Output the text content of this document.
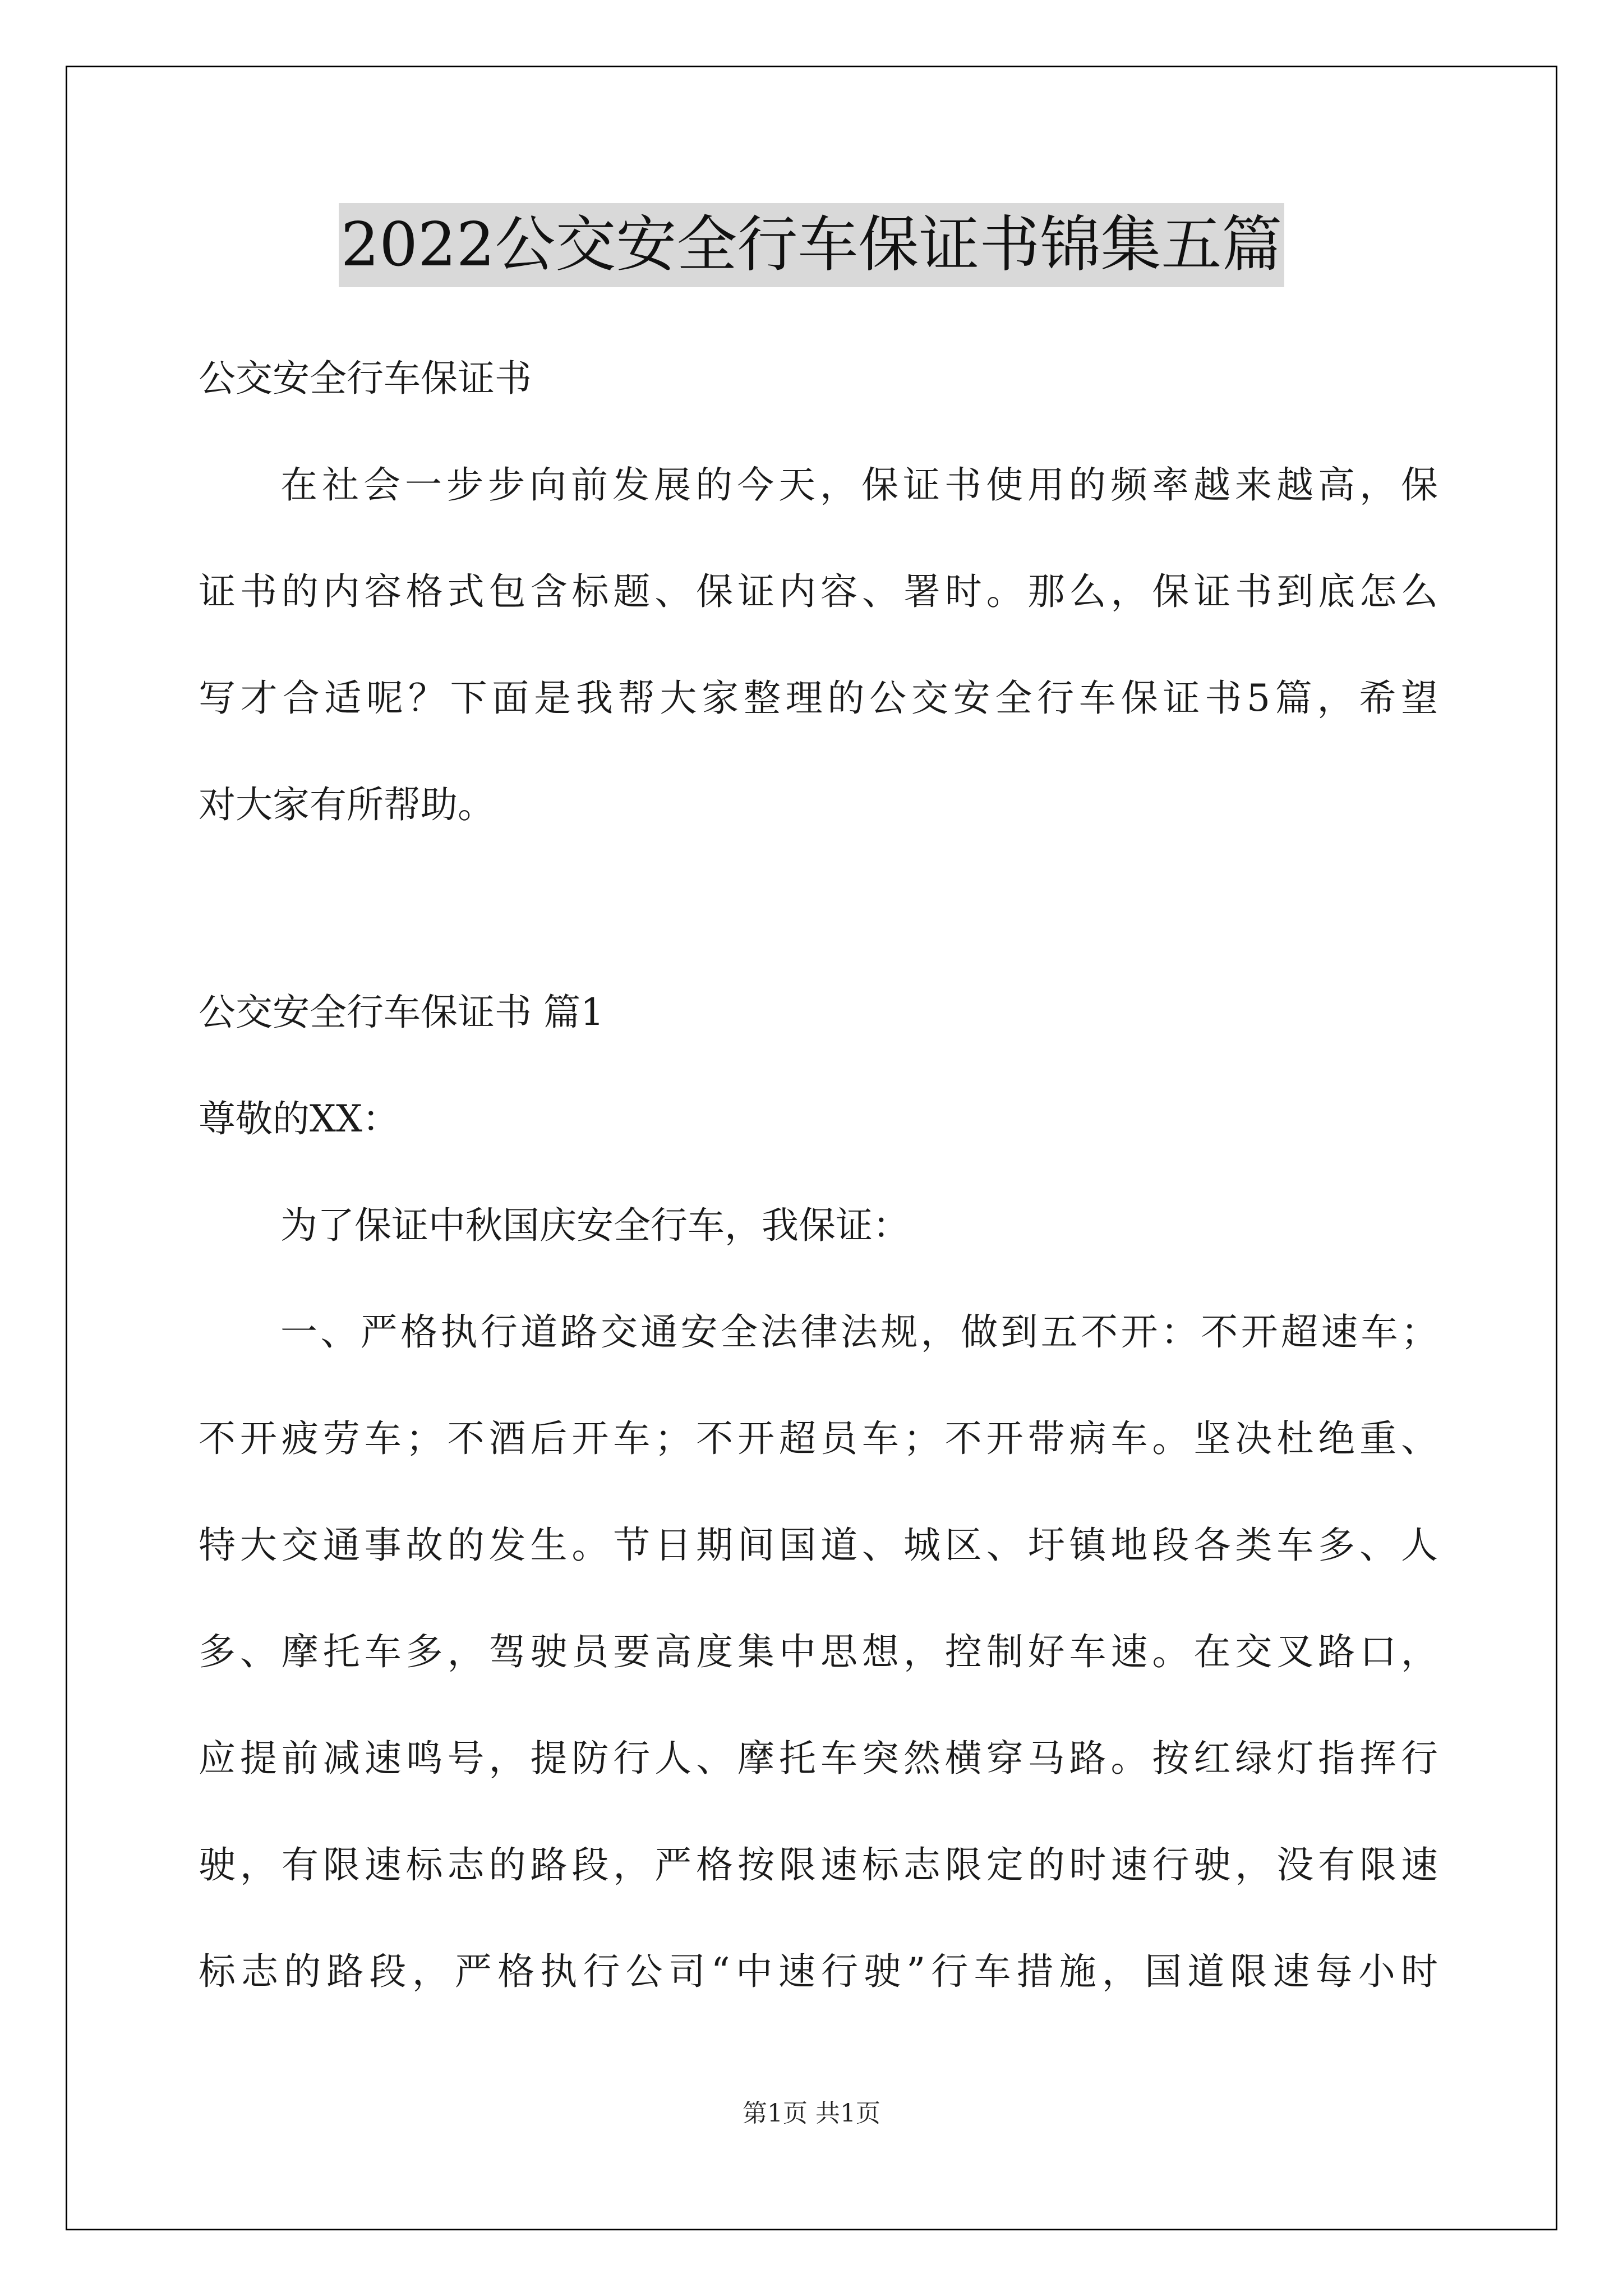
2022公交安全行车保证书锦集五篇
公交安全行车保证书
在社会一步步向前发展的今天，保证书使用的频率越来越高，保
证书的内容格式包含标题、保证内容、署时。那么，保证书到底怎么
写才合适呢？下面是我帮大家整理的公交安全行车保证书5篇，希望
对大家有所帮助。
公交安全行车保证书 篇1
尊敬的XX：
为了保证中秋国庆安全行车，我保证：
一、严格执行道路交通安全法律法规，做到五不开：不开超速车；
不开疲劳车；不酒后开车；不开超员车；不开带病车。坚决杜绝重、
特大交通事故的发生。节日期间国道、城区、圩镇地段各类车多、人
多、摩托车多，驾驶员要高度集中思想，控制好车速。在交叉路口，
应提前减速鸣号，提防行人、摩托车突然横穿马路。按红绿灯指挥行
驶，有限速标志的路段，严格按限速标志限定的时速行驶，没有限速
标志的路段，严格执行公司“中速行驶”行车措施，国道限速每小时
第1页 共1页
